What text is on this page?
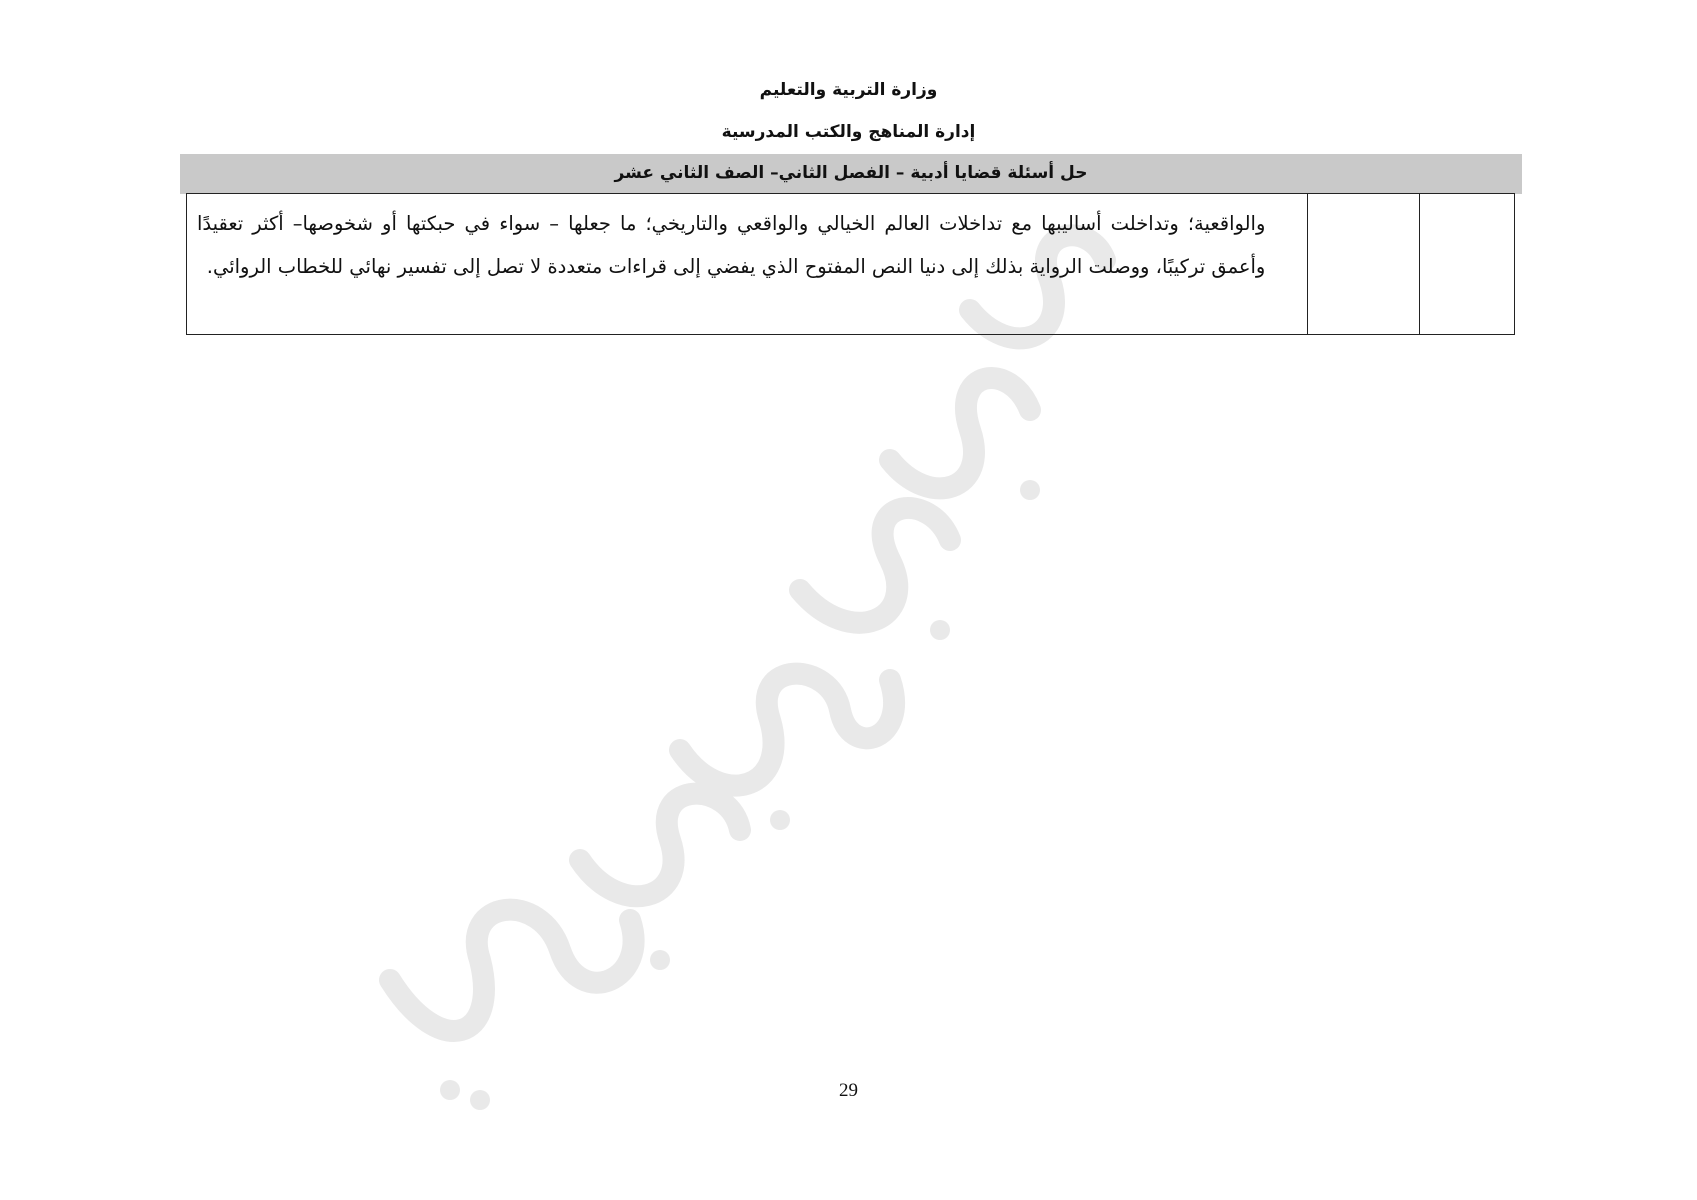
وزارة التربية والتعليم
إدارة المناهج والكتب المدرسية
حل أسئلة قضايا أدبية – الفصل الثاني– الصف الثاني عشر

والواقعية؛ وتداخلت أساليبها مع تداخلات العالم الخيالي والواقعي والتاريخي؛ ما جعلها – سواء في حبكتها أو شخوصها– أكثر تعقيدًا وأعمق تركيبًا، ووصلت الرواية بذلك إلى دنيا النص المفتوح الذي يفضي إلى قراءات متعددة لا تصل إلى تفسير نهائي للخطاب الروائي.
29
